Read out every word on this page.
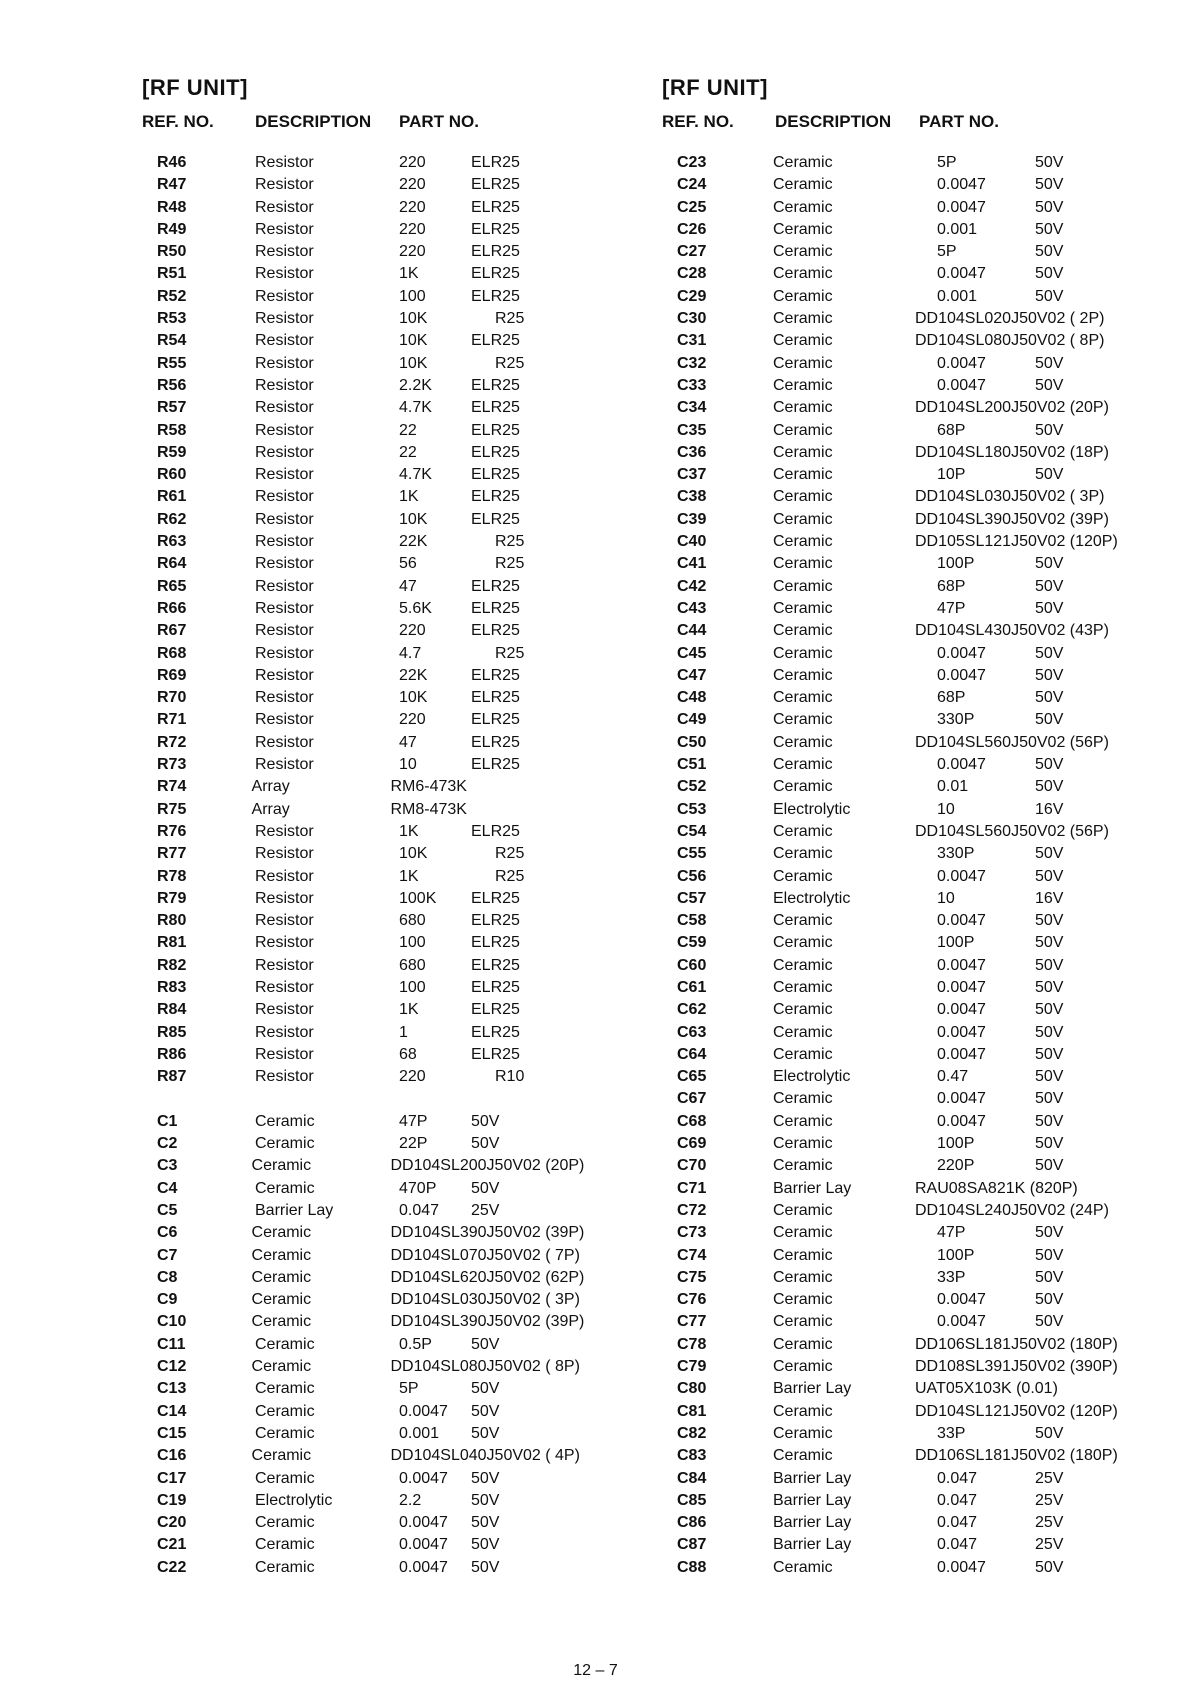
[RF UNIT]
REF. NO.	DESCRIPTION	PART NO.
R46	Resistor	220	ELR25
R47	Resistor	220	ELR25
R48	Resistor	220	ELR25
R49	Resistor	220	ELR25
R50	Resistor	220	ELR25
R51	Resistor	1K	ELR25
R52	Resistor	100	ELR25
R53	Resistor	10K	R25
R54	Resistor	10K	ELR25
R55	Resistor	10K	R25
R56	Resistor	2.2K	ELR25
R57	Resistor	4.7K	ELR25
R58	Resistor	22	ELR25
R59	Resistor	22	ELR25
R60	Resistor	4.7K	ELR25
R61	Resistor	1K	ELR25
R62	Resistor	10K	ELR25
R63	Resistor	22K	R25
R64	Resistor	56	R25
R65	Resistor	47	ELR25
R66	Resistor	5.6K	ELR25
R67	Resistor	220	ELR25
R68	Resistor	4.7	R25
R69	Resistor	22K	ELR25
R70	Resistor	10K	ELR25
R71	Resistor	220	ELR25
R72	Resistor	47	ELR25
R73	Resistor	10	ELR25
R74	Array	RM6-473K
R75	Array	RM8-473K
R76	Resistor	1K	ELR25
R77	Resistor	10K	R25
R78	Resistor	1K	R25
R79	Resistor	100K	ELR25
R80	Resistor	680	ELR25
R81	Resistor	100	ELR25
R82	Resistor	680	ELR25
R83	Resistor	100	ELR25
R84	Resistor	1K	ELR25
R85	Resistor	1	ELR25
R86	Resistor	68	ELR25
R87	Resistor	220	R10
C1	Ceramic	47P	50V
C2	Ceramic	22P	50V
C3	Ceramic	DD104SL200J50V02 (20P)
C4	Ceramic	470P	50V
C5	Barrier Lay	0.047	25V
C6	Ceramic	DD104SL390J50V02 (39P)
C7	Ceramic	DD104SL070J50V02 ( 7P)
C8	Ceramic	DD104SL620J50V02 (62P)
C9	Ceramic	DD104SL030J50V02 ( 3P)
C10	Ceramic	DD104SL390J50V02 (39P)
C11	Ceramic	0.5P	50V
C12	Ceramic	DD104SL080J50V02 ( 8P)
C13	Ceramic	5P	50V
C14	Ceramic	0.0047	50V
C15	Ceramic	0.001	50V
C16	Ceramic	DD104SL040J50V02 ( 4P)
C17	Ceramic	0.0047	50V
C19	Electrolytic	2.2	50V
C20	Ceramic	0.0047	50V
C21	Ceramic	0.0047	50V
C22	Ceramic	0.0047	50V
[RF UNIT]
REF. NO.	DESCRIPTION	PART NO.
C23	Ceramic	5P	50V
C24	Ceramic	0.0047	50V
C25	Ceramic	0.0047	50V
C26	Ceramic	0.001	50V
C27	Ceramic	5P	50V
C28	Ceramic	0.0047	50V
C29	Ceramic	0.001	50V
C30	Ceramic	DD104SL020J50V02 ( 2P)
C31	Ceramic	DD104SL080J50V02 ( 8P)
C32	Ceramic	0.0047	50V
C33	Ceramic	0.0047	50V
C34	Ceramic	DD104SL200J50V02 (20P)
C35	Ceramic	68P	50V
C36	Ceramic	DD104SL180J50V02 (18P)
C37	Ceramic	10P	50V
C38	Ceramic	DD104SL030J50V02 ( 3P)
C39	Ceramic	DD104SL390J50V02 (39P)
C40	Ceramic	DD105SL121J50V02 (120P)
C41	Ceramic	100P	50V
C42	Ceramic	68P	50V
C43	Ceramic	47P	50V
C44	Ceramic	DD104SL430J50V02 (43P)
C45	Ceramic	0.0047	50V
C47	Ceramic	0.0047	50V
C48	Ceramic	68P	50V
C49	Ceramic	330P	50V
C50	Ceramic	DD104SL560J50V02 (56P)
C51	Ceramic	0.0047	50V
C52	Ceramic	0.01	50V
C53	Electrolytic	10	16V
C54	Ceramic	DD104SL560J50V02 (56P)
C55	Ceramic	330P	50V
C56	Ceramic	0.0047	50V
C57	Electrolytic	10	16V
C58	Ceramic	0.0047	50V
C59	Ceramic	100P	50V
C60	Ceramic	0.0047	50V
C61	Ceramic	0.0047	50V
C62	Ceramic	0.0047	50V
C63	Ceramic	0.0047	50V
C64	Ceramic	0.0047	50V
C65	Electrolytic	0.47	50V
C67	Ceramic	0.0047	50V
C68	Ceramic	0.0047	50V
C69	Ceramic	100P	50V
C70	Ceramic	220P	50V
C71	Barrier Lay	RAU08SA821K (820P)
C72	Ceramic	DD104SL240J50V02 (24P)
C73	Ceramic	47P	50V
C74	Ceramic	100P	50V
C75	Ceramic	33P	50V
C76	Ceramic	0.0047	50V
C77	Ceramic	0.0047	50V
C78	Ceramic	DD106SL181J50V02 (180P)
C79	Ceramic	DD108SL391J50V02 (390P)
C80	Barrier Lay	UAT05X103K (0.01)
C81	Ceramic	DD104SL121J50V02 (120P)
C82	Ceramic	33P	50V
C83	Ceramic	DD106SL181J50V02 (180P)
C84	Barrier Lay	0.047	25V
C85	Barrier Lay	0.047	25V
C86	Barrier Lay	0.047	25V
C87	Barrier Lay	0.047	25V
C88	Ceramic	0.0047	50V
12 – 7
